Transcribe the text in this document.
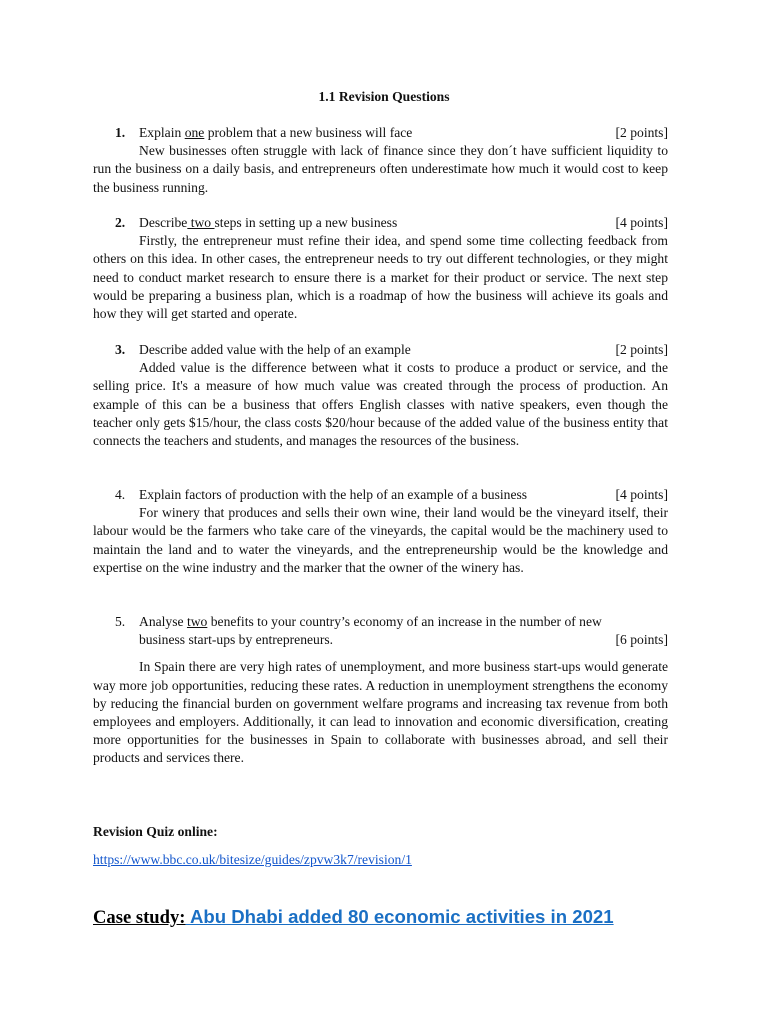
1.1 Revision Questions
1. Explain one problem that a new business will face	[2 points]

New businesses often struggle with lack of finance since they don´t have sufficient liquidity to run the business on a daily basis, and entrepreneurs often underestimate how much it would cost to keep the business running.

2. Describe two steps in setting up a new business	[4 points]

Firstly, the entrepreneur must refine their idea, and spend some time collecting feedback from others on this idea. In other cases, the entrepreneur needs to try out different technologies, or they might need to conduct market research to ensure there is a market for their product or service. The next step would be preparing a business plan, which is a roadmap of how the business will achieve its goals and how they will get started and operate.

3. Describe added value with the help of an example	[2 points]

Added value is the difference between what it costs to produce a product or service, and the selling price. It's a measure of how much value was created through the process of production. An example of this can be a business that offers English classes with native speakers, even though the teacher only gets $15/hour, the class costs $20/hour because of the added value of the business entity that connects the teachers and students, and manages the resources of the business.

4. Explain factors of production with the help of an example of a business	[4 points]

For winery that produces and sells their own wine, their land would be the vineyard itself, their labour would be the farmers who take care of the vineyards, the capital would be the machinery used to maintain the land and to water the vineyards, and the entrepreneurship would be the knowledge and expertise on the wine industry and the marker that the owner of the winery has.

5. Analyse two benefits to your country’s economy of an increase in the number of new
business start-ups by entrepreneurs.	[6 points]

In Spain there are very high rates of unemployment, and more business start-ups would generate way more job opportunities, reducing these rates. A reduction in unemployment strengthens the economy by reducing the financial burden on government welfare programs and increasing tax revenue from both employees and employers. Additionally, it can lead to innovation and economic diversification, creating more opportunities for the businesses in Spain to collaborate with businesses abroad, and sell their products and services there.

Revision Quiz online:
https://www.bbc.co.uk/bitesize/guides/zpvw3k7/revision/1
Case study: Abu Dhabi added 80 economic activities in 2021
